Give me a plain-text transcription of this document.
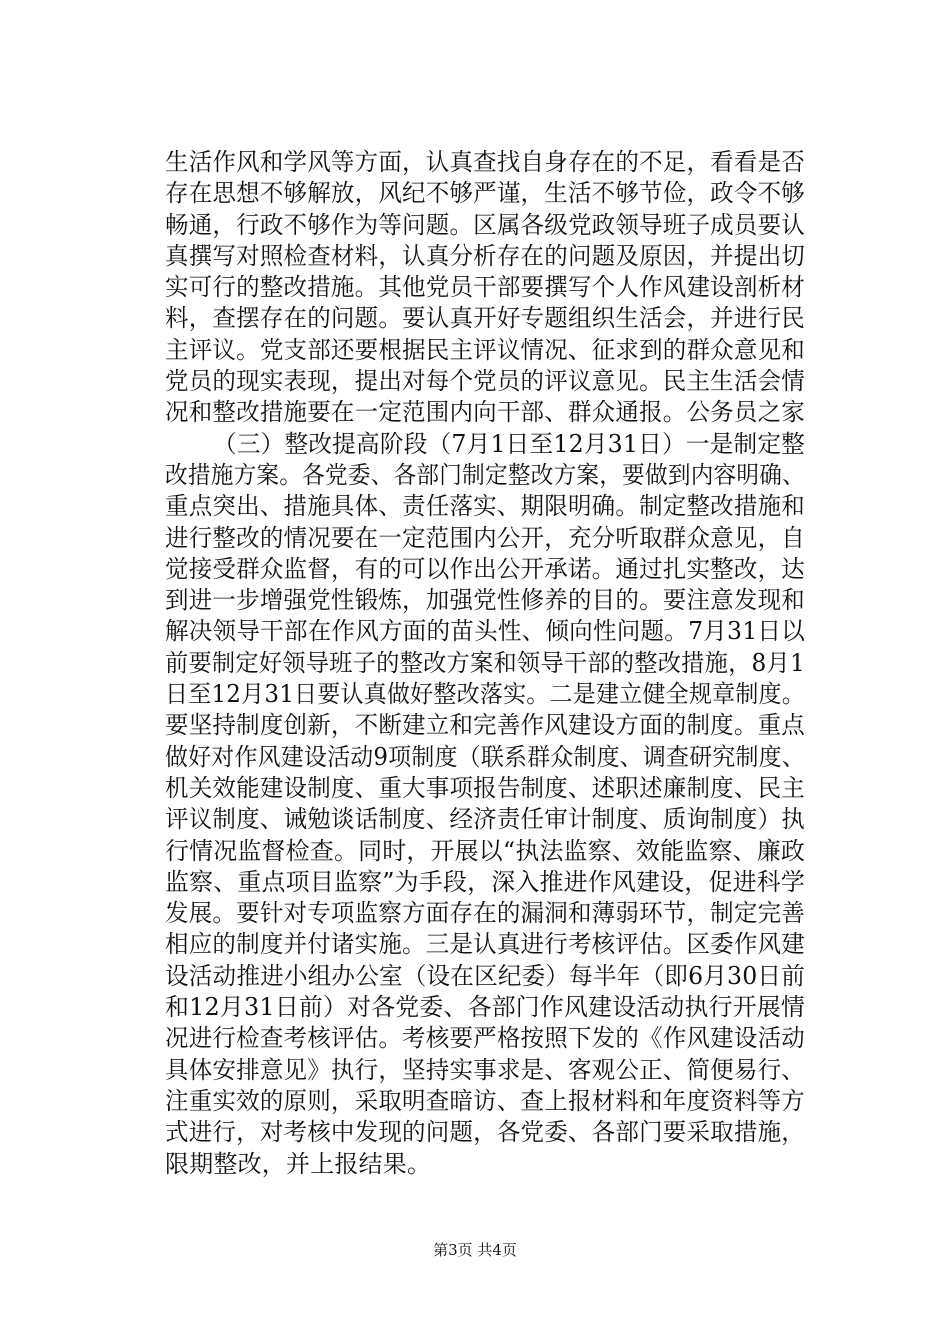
生活作风和学风等方面，认真查找自身存在的不足，看看是否
存在思想不够解放，风纪不够严谨，生活不够节俭，政令不够
畅通，行政不够作为等问题。区属各级党政领导班子成员要认
真撰写对照检查材料，认真分析存在的问题及原因，并提出切
实可行的整改措施。其他党员干部要撰写个人作风建设剖析材
料，查摆存在的问题。要认真开好专题组织生活会，并进行民
主评议。党支部还要根据民主评议情况、征求到的群众意见和
党员的现实表现，提出对每个党员的评议意见。民主生活会情
况和整改措施要在一定范围内向干部、群众通报。公务员之家
（三）整改提高阶段（7月1日至12月31日）一是制定整
改措施方案。各党委、各部门制定整改方案，要做到内容明确、
重点突出、措施具体、责任落实、期限明确。制定整改措施和
进行整改的情况要在一定范围内公开，充分听取群众意见，自
觉接受群众监督，有的可以作出公开承诺。通过扎实整改，达
到进一步增强党性锻炼，加强党性修养的目的。要注意发现和
解决领导干部在作风方面的苗头性、倾向性问题。7月31日以
前要制定好领导班子的整改方案和领导干部的整改措施，8月1
日至12月31日要认真做好整改落实。二是建立健全规章制度。
要坚持制度创新，不断建立和完善作风建设方面的制度。重点
做好对作风建设活动9项制度（联系群众制度、调查研究制度、
机关效能建设制度、重大事项报告制度、述职述廉制度、民主
评议制度、诫勉谈话制度、经济责任审计制度、质询制度）执
行情况监督检查。同时，开展以“执法监察、效能监察、廉政
监察、重点项目监察”为手段，深入推进作风建设，促进科学
发展。要针对专项监察方面存在的漏洞和薄弱环节，制定完善
相应的制度并付诸实施。三是认真进行考核评估。区委作风建
设活动推进小组办公室（设在区纪委）每半年（即6月30日前
和12月31日前）对各党委、各部门作风建设活动执行开展情
况进行检查考核评估。考核要严格按照下发的《作风建设活动
具体安排意见》执行，坚持实事求是、客观公正、简便易行、
注重实效的原则，采取明查暗访、查上报材料和年度资料等方
式进行，对考核中发现的问题，各党委、各部门要采取措施，
限期整改，并上报结果。
第3页 共4页
